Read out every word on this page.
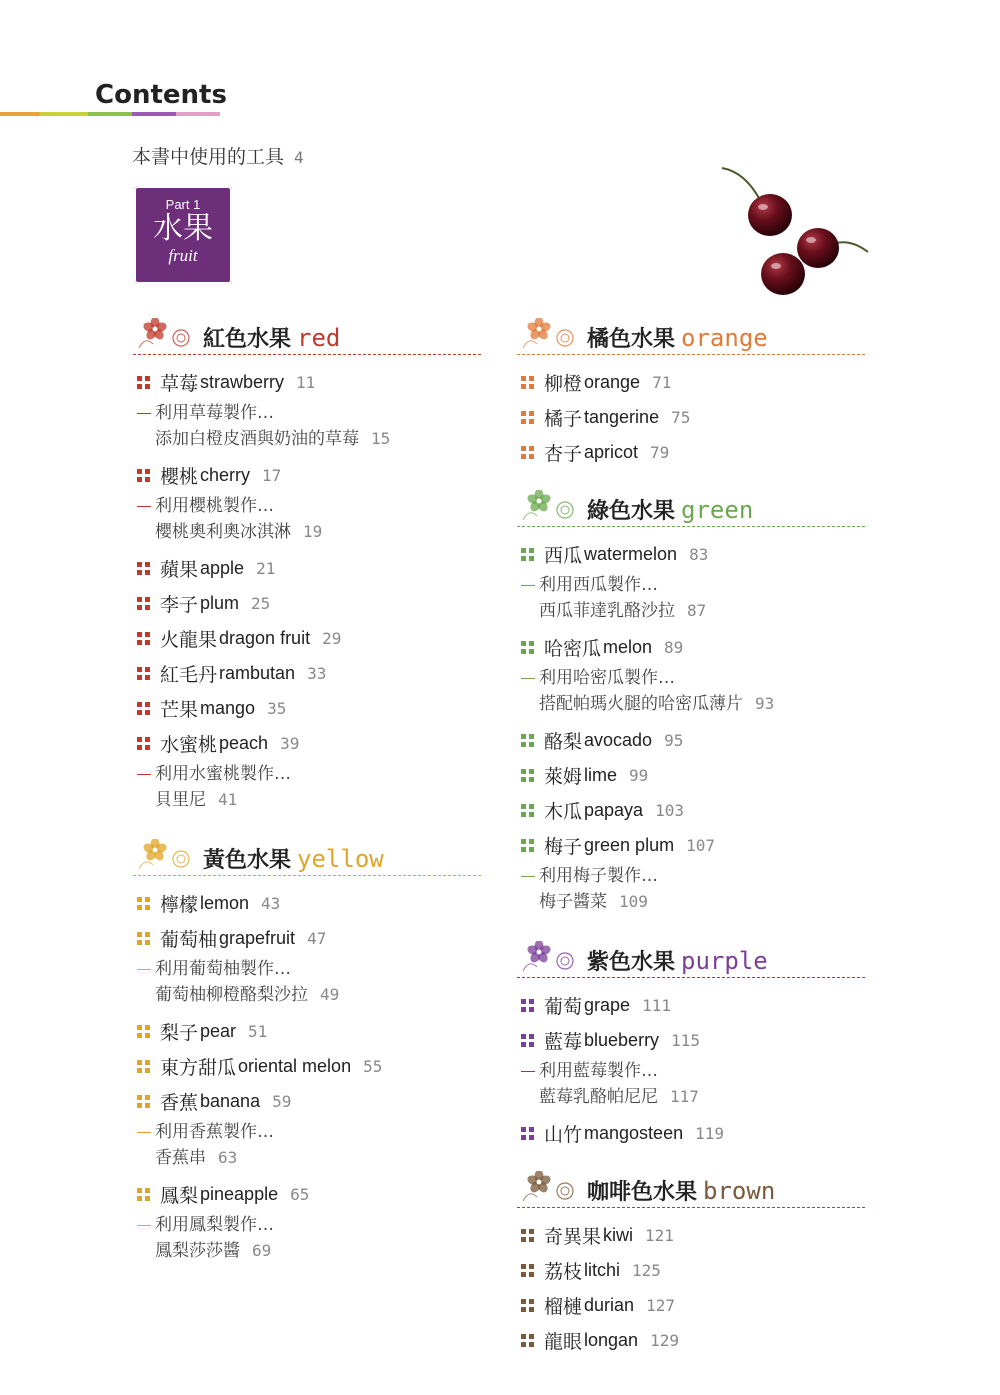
Contents
本書中使用的工具 4
Part 1
水果
fruit
紅色水果 red
草莓 strawberry 11
利用草莓製作…
添加白橙皮酒與奶油的草莓 15
櫻桃 cherry 17
利用櫻桃製作…
櫻桃奧利奧冰淇淋 19
蘋果 apple 21
李子 plum 25
火龍果 dragon fruit 29
紅毛丹 rambutan 33
芒果 mango 35
水蜜桃 peach 39
利用水蜜桃製作…
貝里尼 41
黃色水果 yellow
檸檬 lemon 43
葡萄柚 grapefruit 47
利用葡萄柚製作…
葡萄柚柳橙酪梨沙拉 49
梨子 pear 51
東方甜瓜 oriental melon 55
香蕉 banana 59
利用香蕉製作…
香蕉串 63
鳳梨 pineapple 65
利用鳳梨製作…
鳳梨莎莎醬 69
橘色水果 orange
柳橙 orange 71
橘子 tangerine 75
杏子 apricot 79
綠色水果 green
西瓜 watermelon 83
利用西瓜製作…
西瓜菲達乳酪沙拉 87
哈密瓜 melon 89
利用哈密瓜製作…
搭配帕瑪火腿的哈密瓜薄片 93
酪梨 avocado 95
萊姆 lime 99
木瓜 papaya 103
梅子 green plum 107
利用梅子製作…
梅子醬菜 109
紫色水果 purple
葡萄 grape 111
藍莓 blueberry 115
利用藍莓製作…
藍莓乳酪帕尼尼 117
山竹 mangosteen 119
咖啡色水果 brown
奇異果 kiwi 121
荔枝 litchi 125
榴槤 durian 127
龍眼 longan 129
